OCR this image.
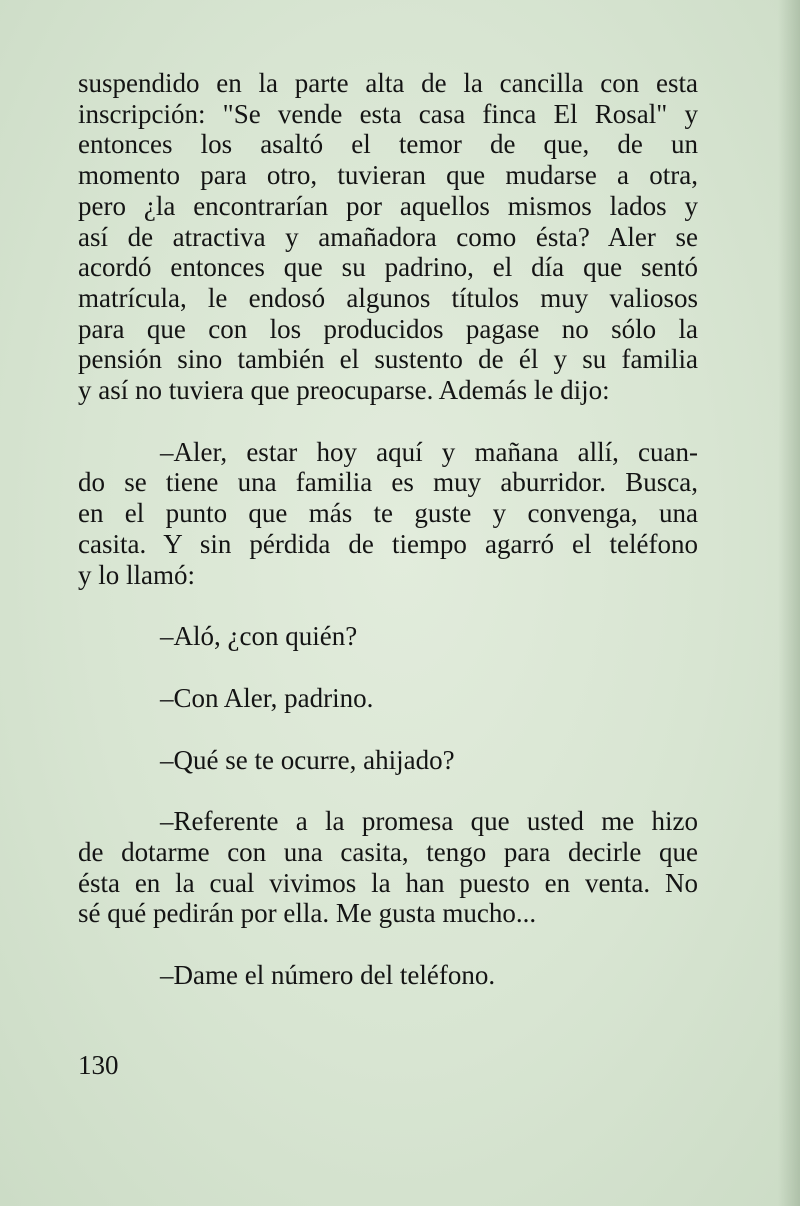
suspendido en la parte alta de la cancilla con esta
inscripción: "Se vende esta casa finca El Rosal" y
entonces los asaltó el temor de que, de un
momento para otro, tuvieran que mudarse a otra,
pero ¿la encontrarían por aquellos mismos lados y
así de atractiva y amañadora como ésta? Aler se
acordó entonces que su padrino, el día que sentó
matrícula, le endosó algunos títulos muy valiosos
para que con los producidos pagase no sólo la
pensión sino también el sustento de él y su familia
y así no tuviera que preocuparse. Además le dijo:
–Aler, estar hoy aquí y mañana allí, cuan-
do se tiene una familia es muy aburridor. Busca,
en el punto que más te guste y convenga, una
casita. Y sin pérdida de tiempo agarró el teléfono
y lo llamó:

–Aló, ¿con quién?

–Con Aler, padrino.

–Qué se te ocurre, ahijado?

–Referente a la promesa que usted me hizo
de dotarme con una casita, tengo para decirle que
ésta en la cual vivimos la han puesto en venta. No
sé qué pedirán por ella. Me gusta mucho...

–Dame el número del teléfono.

130
